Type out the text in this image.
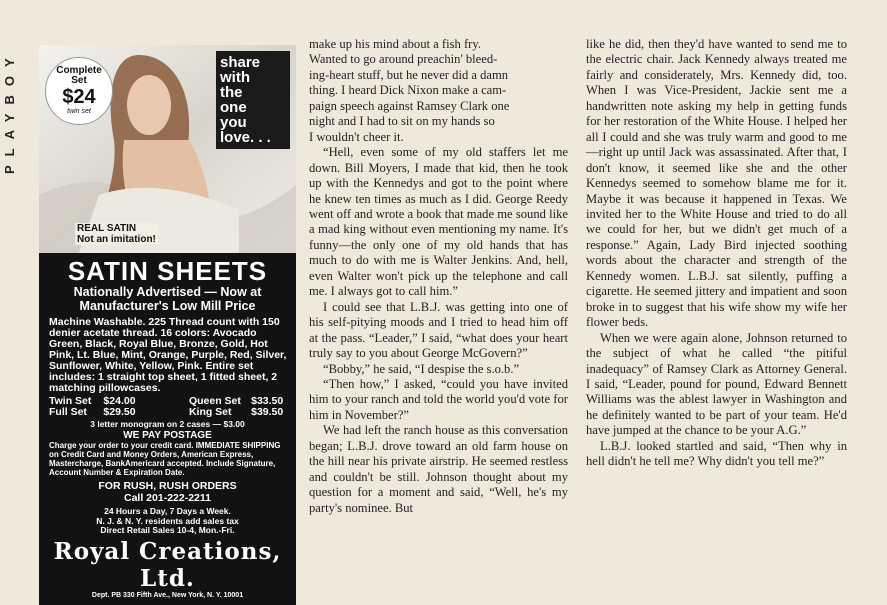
PLAYBOY	Complete
Set
$24
twin set
share
with
the
one
you
love. . .
REAL SATIN
Not an imitation!
SATIN SHEETS
Nationally Advertised — Now at
Manufacturer's Low Mill Price
Machine Washable. 225 Thread count with 150 denier acetate thread. 16 colors: Avocado Green, Black, Royal Blue, Bronze, Gold, Hot Pink, Lt. Blue, Mint, Orange, Purple, Red, Silver, Sunflower, White, Yellow, Pink. Entire set includes: 1 straight top sheet, 1 fitted sheet, 2 matching pillowcases.
Twin Set	$24.00	Queen Set $33.50
Full Set	$29.50	King Set	$39.50
3 letter monogram on 2 cases — $3.00
WE PAY POSTAGE
Charge your order to your credit card. IMMEDIATE SHIPPING on Credit Card and Money Orders, American Express, Mastercharge, BankAmericard accepted. Include Signature, Account Number & Expiration Date.
FOR RUSH, RUSH ORDERS
Call 201-222-2211
24 Hours a Day, 7 Days a Week.
N. J. & N. Y. residents add sales tax
Direct Retail Sales 10-4, Mon.-Fri.
Royal Creations, Ltd.
Dept. PB 330 Fifth Ave., New York, N. Y. 10001

make up his mind about a fish fry.

Wanted to go around preachin' bleed-

ing-heart stuff, but he never did a damn

thing. I heard Dick Nixon make a cam-

paign speech against Ramsey Clark one

night and I had to sit on my hands so

I wouldn't cheer it.

“Hell, even some of my old staffers let me down. Bill Moyers, I made that kid, then he took up with the Kennedys and got to the point where he knew ten times as much as I did. George Reedy went off and wrote a book that made me sound like a mad king without even mentioning my name. It's funny—the only one of my old hands that has much to do with me is Walter Jenkins. And, hell, even Walter won't pick up the telephone and call me. I always got to call him.”

I could see that L.B.J. was getting into one of his self-pitying moods and I tried to head him off at the pass. “Leader,” I said, “what does your heart truly say to you about George McGovern?”

“Bobby,” he said, “I despise the s.o.b.”

“Then how,” I asked, “could you have invited him to your ranch and told the world you'd vote for him in November?”

We had left the ranch house as this conversation began; L.B.J. drove toward an old farm house on the hill near his private airstrip. He seemed restless and couldn't be still. Johnson thought about my question for a moment and said, “Well, he's my party's nominee. But

like he did, then they'd have wanted to send me to the electric chair. Jack Kennedy always treated me fairly and considerately, Mrs. Kennedy did, too. When I was Vice-President, Jackie sent me a handwritten note asking my help in getting funds for her restoration of the White House. I helped her all I could and she was truly warm and good to me—right up until Jack was assassinated. After that, I don't know, it seemed like she and the other Kennedys seemed to somehow blame me for it. Maybe it was because it happened in Texas. We invited her to the White House and tried to do all we could for her, but we didn't get much of a response.” Again, Lady Bird injected soothing words about the character and strength of the Kennedy women. L.B.J. sat silently, puffing a cigarette. He seemed jittery and impatient and soon broke in to suggest that his wife show my wife her flower beds.

When we were again alone, Johnson returned to the subject of what he called “the pitiful inadequacy” of Ramsey Clark as Attorney General. I said, “Leader, pound for pound, Edward Bennett Williams was the ablest lawyer in Washington and he definitely wanted to be part of your team. He'd have jumped at the chance to be your A.G.”

L.B.J. looked startled and said, “Then why in hell didn't he tell me? Why didn't you tell me?”
